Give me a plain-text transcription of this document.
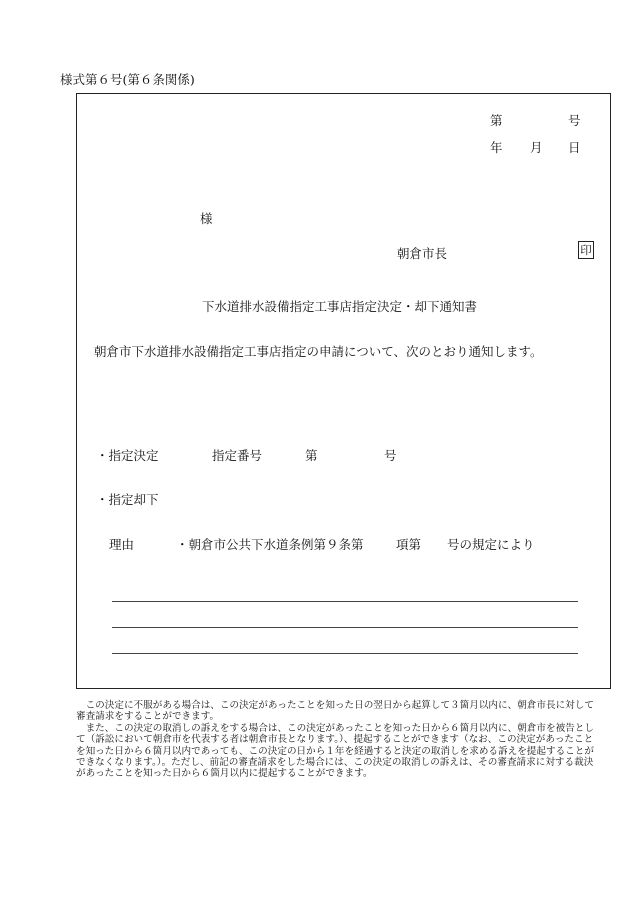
様式第６号(第６条関係)
第	号
年 月 日
様
朝倉市長	印
下水道排水設備指定工事店指定決定・却下通知書
朝倉市下水道排水設備指定工事店指定の申請について、次のとおり通知します。
・指定決定	指定番号	第	号
・指定却下
理由	・朝倉市公共下水道条例第９条第	項第 号の規定により

この決定に不服がある場合は、この決定があったことを知った日の翌日から起算して３箇月以内に、朝倉市長に対して審査請求をすることができます。

また、この決定の取消しの訴えをする場合は、この決定があったことを知った日から６箇月以内に、朝倉市を被告として（訴訟において朝倉市を代表する者は朝倉市長となります。）、提起することができます（なお、この決定があったことを知った日から６箇月以内であっても、この決定の日から１年を経過すると決定の取消しを求める訴えを提起することができなくなります。）。ただし、前記の審査請求をした場合には、この決定の取消しの訴えは、その審査請求に対する裁決があったことを知った日から６箇月以内に提起することができます。
